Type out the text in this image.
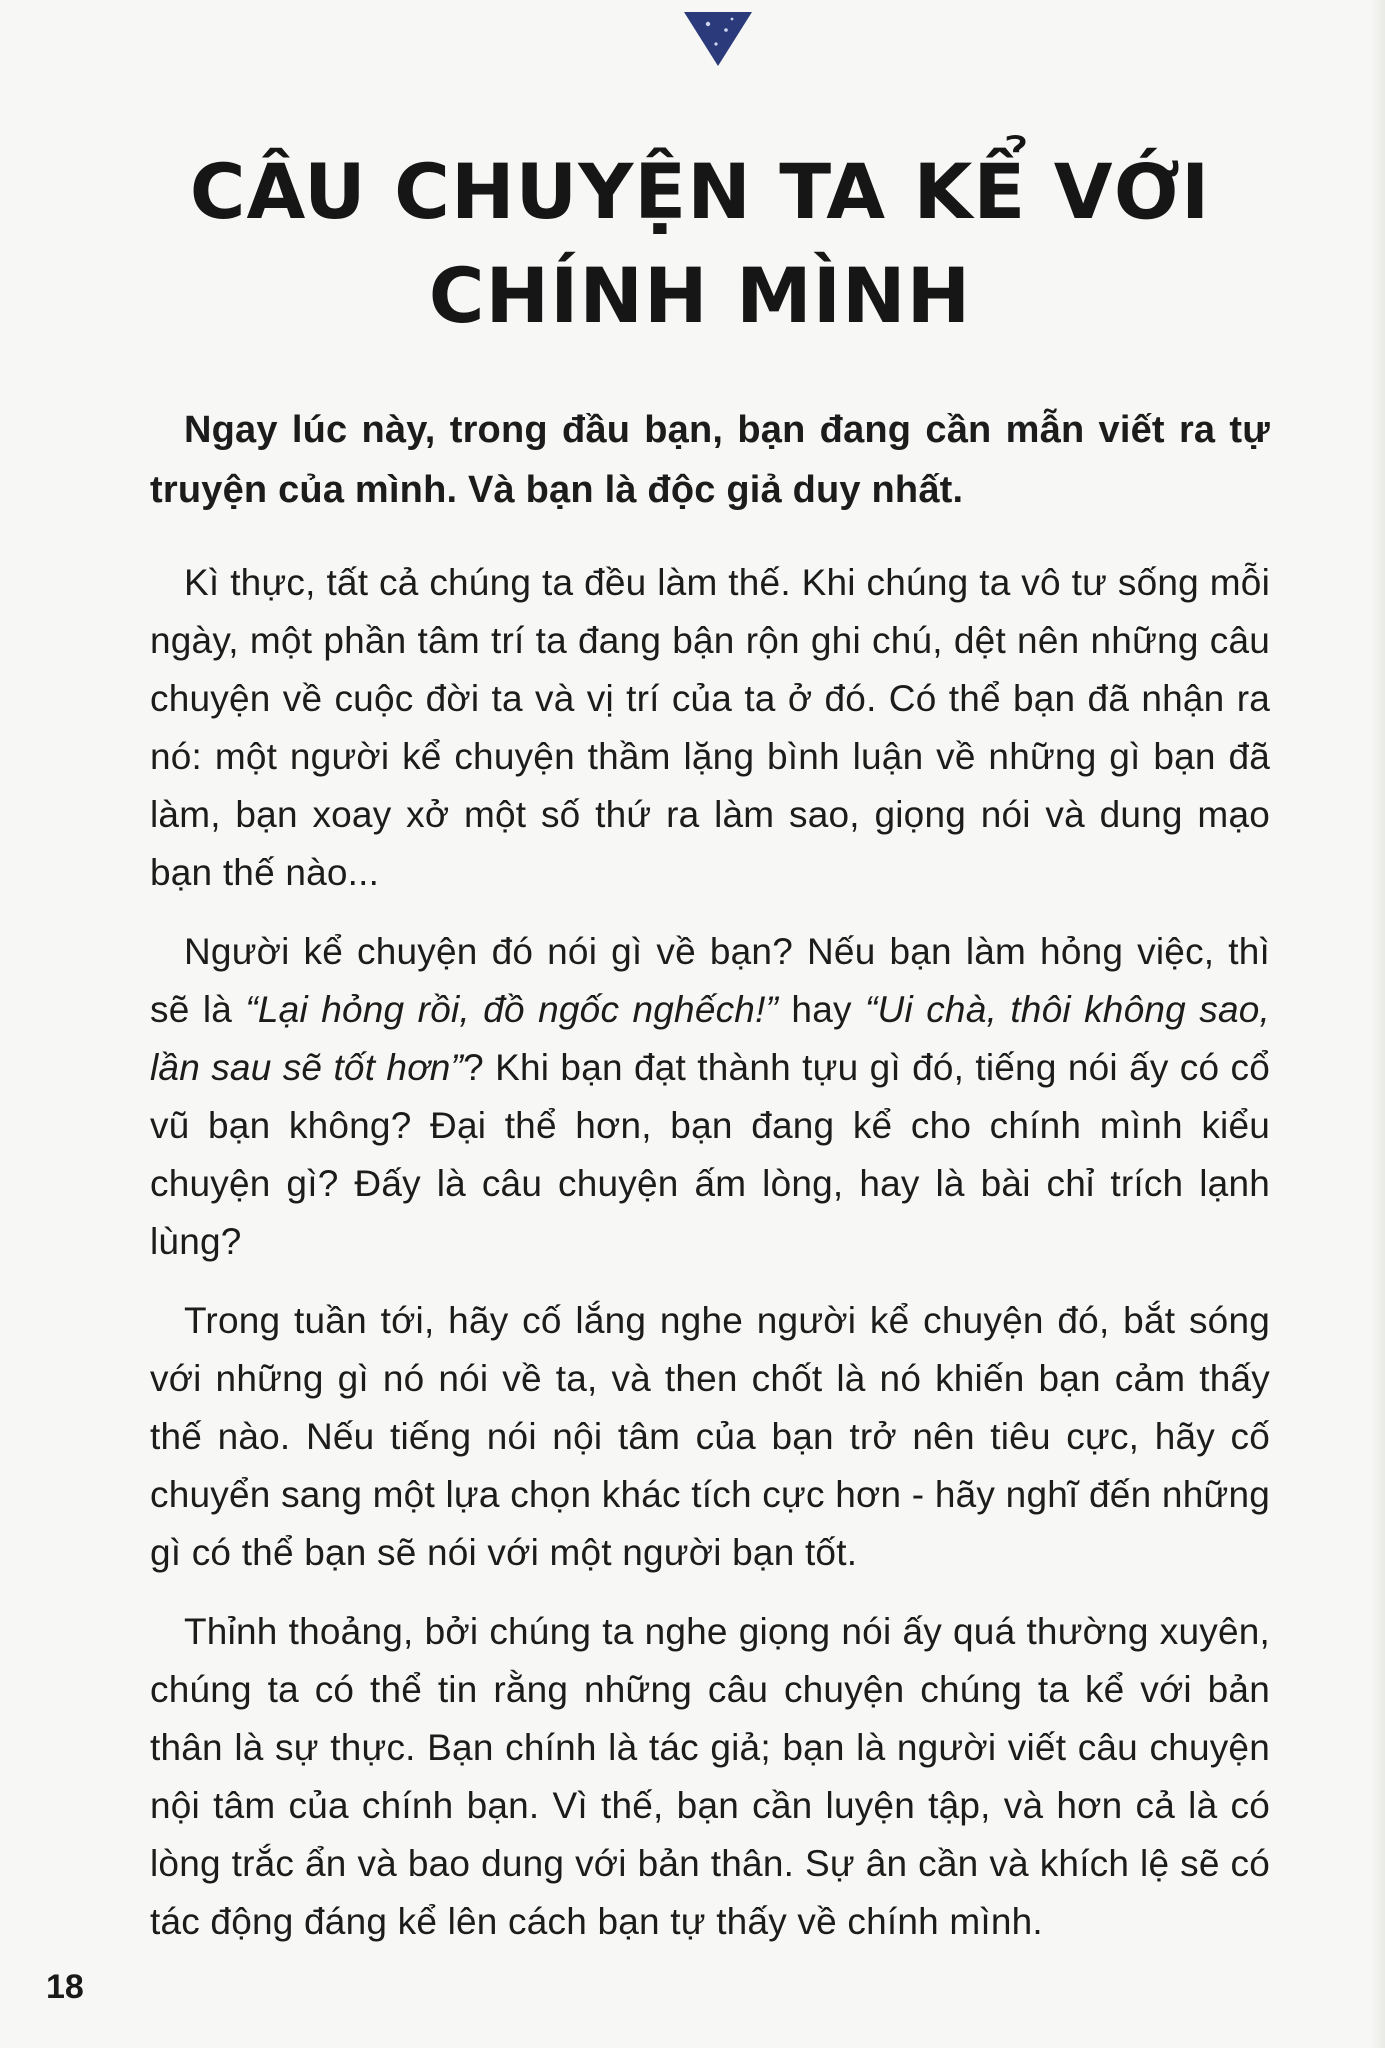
CÂU CHUYỆN TA KỂ VỚI
CHÍNH MÌNH

Ngay lúc này, trong đầu bạn, bạn đang cần mẫn viết ra tự truyện của mình. Và bạn là độc giả duy nhất.

Kì thực, tất cả chúng ta đều làm thế. Khi chúng ta vô tư sống mỗi ngày, một phần tâm trí ta đang bận rộn ghi chú, dệt nên những câu chuyện về cuộc đời ta và vị trí của ta ở đó. Có thể bạn đã nhận ra nó: một người kể chuyện thầm lặng bình luận về những gì bạn đã làm, bạn xoay xở một số thứ ra làm sao, giọng nói và dung mạo bạn thế nào...

Người kể chuyện đó nói gì về bạn? Nếu bạn làm hỏng việc, thì sẽ là “Lại hỏng rồi, đồ ngốc nghếch!” hay “Ui chà, thôi không sao, lần sau sẽ tốt hơn”? Khi bạn đạt thành tựu gì đó, tiếng nói ấy có cổ vũ bạn không? Đại thể hơn, bạn đang kể cho chính mình kiểu chuyện gì? Đấy là câu chuyện ấm lòng, hay là bài chỉ trích lạnh lùng?

Trong tuần tới, hãy cố lắng nghe người kể chuyện đó, bắt sóng với những gì nó nói về ta, và then chốt là nó khiến bạn cảm thấy thế nào. Nếu tiếng nói nội tâm của bạn trở nên tiêu cực, hãy cố chuyển sang một lựa chọn khác tích cực hơn - hãy nghĩ đến những gì có thể bạn sẽ nói với một người bạn tốt.

Thỉnh thoảng, bởi chúng ta nghe giọng nói ấy quá thường xuyên, chúng ta có thể tin rằng những câu chuyện chúng ta kể với bản thân là sự thực. Bạn chính là tác giả; bạn là người viết câu chuyện nội tâm của chính bạn. Vì thế, bạn cần luyện tập, và hơn cả là có lòng trắc ẩn và bao dung với bản thân. Sự ân cần và khích lệ sẽ có tác động đáng kể lên cách bạn tự thấy về chính mình.

18
